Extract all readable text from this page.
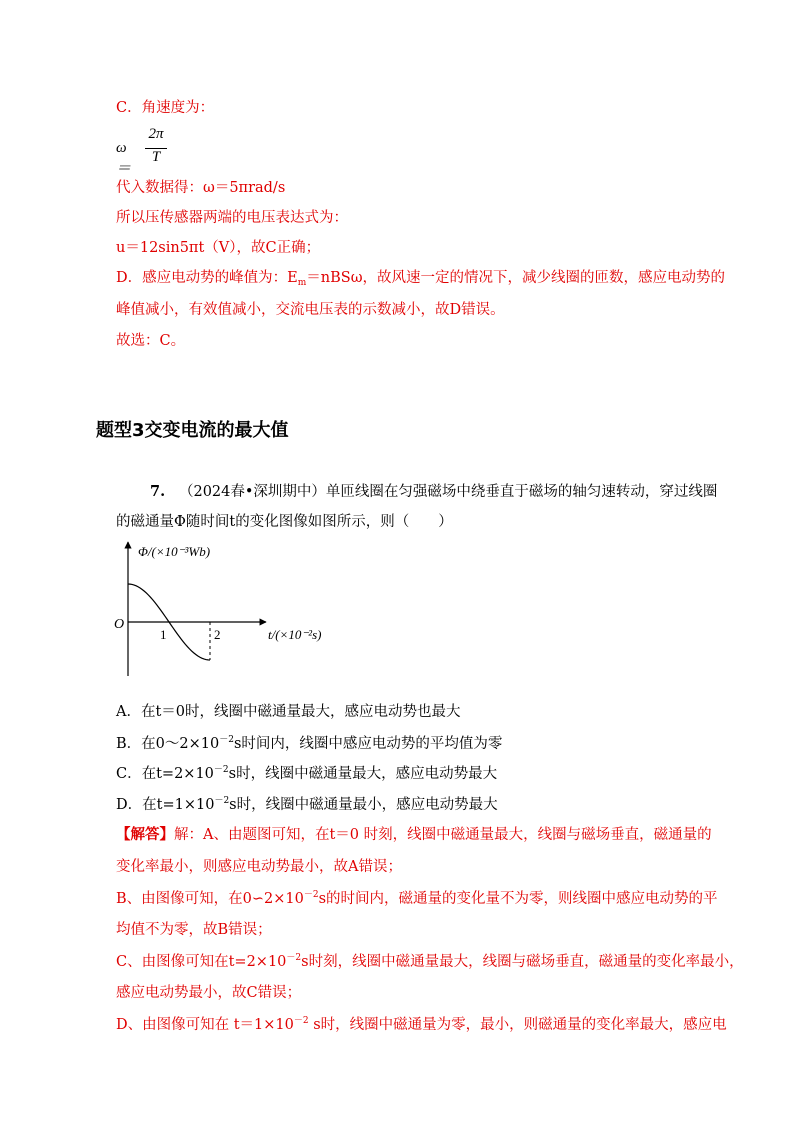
C．角速度为：
ω＝
2π
T
代入数据得：ω＝5πrad/s
所以压传感器两端的电压表达式为：
u＝12sin5πt（V），故C正确；
D．感应电动势的峰值为：$E_m=nBS\omega$，故风速一定的情况下，减少线圈的匝数，感应电动势的
峰值减小，有效值减小，交流电压表的示数减小，故D错误。
故选：C。
题型3交变电流的最大值
7. （2024春•深圳期中）单匝线圈在匀强磁场中绕垂直于磁场的轴匀速转动，穿过线圈
的磁通量Φ随时间t的变化图像如图所示，则（　　）
Φ/(×10⁻³Wb)
O
1	2	t/(×10⁻²s)
A．在t＝0时，线圈中磁通量最大，感应电动势也最大
B．在$0\sim 2\times 10^{-2}s$时间内，线圈中感应电动势的平均值为零
C．在$t=2\times 10^{-2}s$时，线圈中磁通量最大，感应电动势最大
D．在$t=1\times 10^{-2}s$时，线圈中磁通量最小，感应电动势最大
【解答】解：A、由题图可知，在t＝0 时刻，线圈中磁通量最大，线圈与磁场垂直，磁通量的
变化率最小，则感应电动势最小，故A错误；
B、由图像可知，在$0∽2\times 10^{-2}s$的时间内，磁通量的变化量不为零，则线圈中感应电动势的平
均值不为零，故B错误；
C、由图像可知在$t=2\times 10^{-2}s$时刻，线圈中磁通量最大，线圈与磁场垂直，磁通量的变化率最小，
感应电动势最小，故C错误；
D、由图像可知在 $t=1\times 10^{-2}$ s时，线圈中磁通量为零，最小，则磁通量的变化率最大，感应电
